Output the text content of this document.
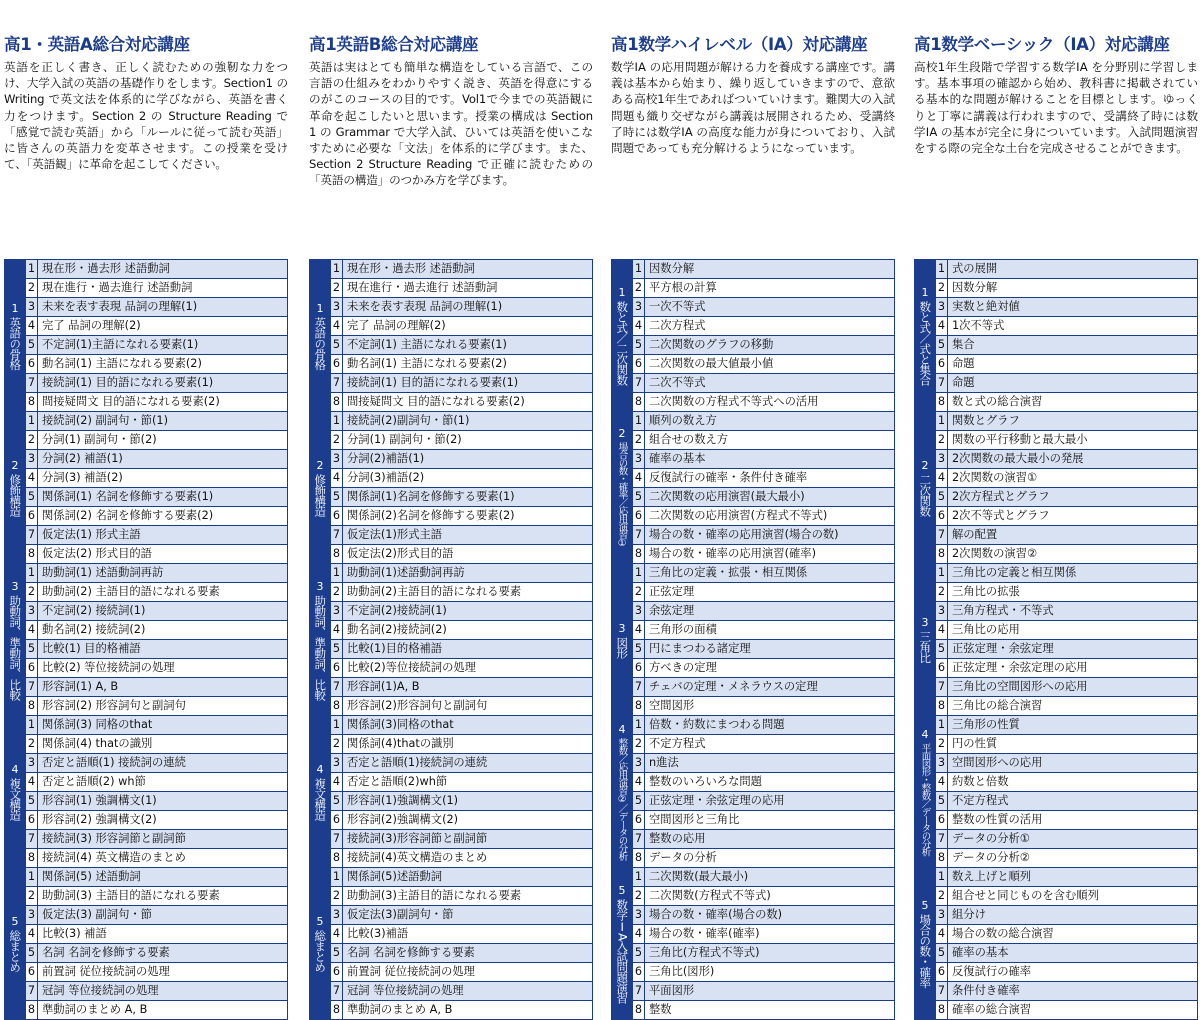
高1・英語A総合対応講座

英語を正しく書き、正しく読むための強靭な力をつけ、大学入試の英語の基礎作りをします。Section1 の Writing で英文法を体系的に学びながら、英語を書く力をつけます。Section 2 の Structure Reading で「感覚で読む英語」から「ルールに従って読む英語」に皆さんの英語力を変革させます。この授業を受けて、「英語観」に革命を起こしてください。

1
英語の骨格	1	現在形・過去形 述語動詞
	2	現在進行・過去進行 述語動詞
	3	未来を表す表現 品詞の理解(1)
	4	完了 品詞の理解(2)
	5	不定詞(1)主語になれる要素(1)
	6	動名詞(1) 主語になれる要素(2)
	7	接続詞(1) 目的語になれる要素(1)
	8	間接疑問文 目的語になれる要素(2)

2
修飾構造	1	接続詞(2) 副詞句・節(1)
	2	分詞(1) 副詞句・節(2)
	3	分詞(2) 補語(1)
	4	分詞(3) 補語(2)
	5	関係詞(1) 名詞を修飾する要素(1)
	6	関係詞(2) 名詞を修飾する要素(2)
	7	仮定法(1) 形式主語
	8	仮定法(2) 形式目的語

3
助動詞、準動詞、比較	1	助動詞(1) 述語動詞再訪
	2	助動詞(2) 主語目的語になれる要素
	3	不定詞(2) 接続詞(1)
	4	動名詞(2) 接続詞(2)
	5	比較(1) 目的格補語
	6	比較(2) 等位接続詞の処理
	7	形容詞(1) A, B
	8	形容詞(2) 形容詞句と副詞句

4
複文構造	1	関係詞(3) 同格のthat
	2	関係詞(4) thatの識別
	3	否定と語順(1) 接続詞の連続
	4	否定と語順(2) wh節
	5	形容詞(1) 強調構文(1)
	6	形容詞(2) 強調構文(2)
	7	接続詞(3) 形容詞節と副詞節
	8	接続詞(4) 英文構造のまとめ

5
総まとめ	1	関係詞(5) 述語動詞
	2	助動詞(3) 主語目的語になれる要素
	3	仮定法(3) 副詞句・節
	4	比較(3) 補語
	5	名詞 名詞を修飾する要素
	6	前置詞 従位接続詞の処理
	7	冠詞 等位接続詞の処理
	8	準動詞のまとめ A, B
高1英語B総合対応講座

英語は実はとても簡単な構造をしている言語で、この言語の仕組みをわかりやすく説き、英語を得意にするのがこのコースの目的です。Vol1で今までの英語観に革命を起こしたいと思います。授業の構成は Section 1 の Grammar で大学入試、ひいては英語を使いこなすために必要な「文法」を体系的に学びます。また、Section 2 Structure Reading で正確に読むための「英語の構造」のつかみ方を学びます。

1
英語の骨格	1	現在形・過去形 述語動詞
	2	現在進行・過去進行 述語動詞
	3	未来を表す表現 品詞の理解(1)
	4	完了 品詞の理解(2)
	5	不定詞(1) 主語になれる要素(1)
	6	動名詞(1) 主語になれる要素(2)
	7	接続詞(1) 目的語になれる要素(1)
	8	間接疑問文 目的語になれる要素(2)

2
修飾構造	1	接続詞(2)副詞句・節(1)
	2	分詞(1) 副詞句・節(2)
	3	分詞(2)補語(1)
	4	分詞(3)補語(2)
	5	関係詞(1)名詞を修飾する要素(1)
	6	関係詞(2)名詞を修飾する要素(2)
	7	仮定法(1)形式主語
	8	仮定法(2)形式目的語

3
助動詞、準動詞、比較	1	助動詞(1)述語動詞再訪
	2	助動詞(2)主語目的語になれる要素
	3	不定詞(2)接続詞(1)
	4	動名詞(2)接続詞(2)
	5	比較(1)目的格補語
	6	比較(2)等位接続詞の処理
	7	形容詞(1)A, B
	8	形容詞(2)形容詞句と副詞句

4
複文構造	1	関係詞(3)同格のthat
	2	関係詞(4)thatの識別
	3	否定と語順(1)接続詞の連続
	4	否定と語順(2)wh節
	5	形容詞(1)強調構文(1)
	6	形容詞(2)強調構文(2)
	7	接続詞(3)形容詞節と副詞節
	8	接続詞(4)英文構造のまとめ

5
総まとめ	1	関係詞(5)述語動詞
	2	助動詞(3)主語目的語になれる要素
	3	仮定法(3)副詞句・節
	4	比較(3)補語
	5	名詞 名詞を修飾する要素
	6	前置詞 従位接続詞の処理
	7	冠詞 等位接続詞の処理
	8	準動詞のまとめ A, B
高1数学ハイレベル（ⅠA）対応講座

数学ⅠA の応用問題が解ける力を養成する講座です。講義は基本から始まり、繰り返していきますので、意欲ある高校1年生であればついていけます。難関大の入試問題も織り交ぜながら講義は展開されるため、受講終了時には数学ⅠA の高度な能力が身についており、入試問題であっても充分解けるようになっています。

1
数と式／二次関数	1	因数分解
	2	平方根の計算
	3	一次不等式
	4	二次方程式
	5	二次関数のグラフの移動
	6	二次関数の最大値最小値
	7	二次不等式
	8	二次関数の方程式不等式への活用

2
場合の数・確率／応用演習①	1	順列の数え方
	2	組合せの数え方
	3	確率の基本
	4	反復試行の確率・条件付き確率
	5	二次関数の応用演習(最大最小)
	6	二次関数の応用演習(方程式不等式)
	7	場合の数・確率の応用演習(場合の数)
	8	場合の数・確率の応用演習(確率)

3
図形	1	三角比の定義・拡張・相互関係
	2	正弦定理
	3	余弦定理
	4	三角形の面積
	5	円にまつわる諸定理
	6	方べきの定理
	7	チェバの定理・メネラウスの定理
	8	空間図形

4
整数／応用演習②／データの分析	1	倍数・約数にまつわる問題
	2	不定方程式
	3	n進法
	4	整数のいろいろな問題
	5	正弦定理・余弦定理の応用
	6	空間図形と三角比
	7	整数の応用
	8	データの分析

5
数学ⅠA入試問題演習	1	二次関数(最大最小)
	2	二次関数(方程式不等式)
	3	場合の数・確率(場合の数)
	4	場合の数・確率(確率)
	5	三角比(方程式不等式)
	6	三角比(図形)
	7	平面図形
	8	整数
高1数学ベーシック（ⅠA）対応講座

高校1年生段階で学習する数学ⅠA を分野別に学習します。基本事項の確認から始め、教科書に掲載されている基本的な問題が解けることを目標とします。ゆっくりと丁寧に講義は行われますので、受講終了時には数学ⅠA の基本が完全に身についています。入試問題演習をする際の完全な土台を完成させることができます。

1
数と式／式と集合	1	式の展開
	2	因数分解
	3	実数と絶対値
	4	1次不等式
	5	集合
	6	命題
	7	命題
	8	数と式の総合演習

2
二次関数	1	関数とグラフ
	2	関数の平行移動と最大最小
	3	2次関数の最大最小の発展
	4	2次関数の演習①
	5	2次方程式とグラフ
	6	2次不等式とグラフ
	7	解の配置
	8	2次関数の演習②

3
三角比	1	三角比の定義と相互関係
	2	三角比の拡張
	3	三角方程式・不等式
	4	三角比の応用
	5	正弦定理・余弦定理
	6	正弦定理・余弦定理の応用
	7	三角比の空間図形への応用
	8	三角比の総合演習

4
平面図形・整数／データの分析	1	三角形の性質
	2	円の性質
	3	空間図形への応用
	4	約数と倍数
	5	不定方程式
	6	整数の性質の活用
	7	データの分析①
	8	データの分析②

5
場合の数・確率	1	数え上げと順列
	2	組合せと同じものを含む順列
	3	組分け
	4	場合の数の総合演習
	5	確率の基本
	6	反復試行の確率
	7	条件付き確率
	8	確率の総合演習
